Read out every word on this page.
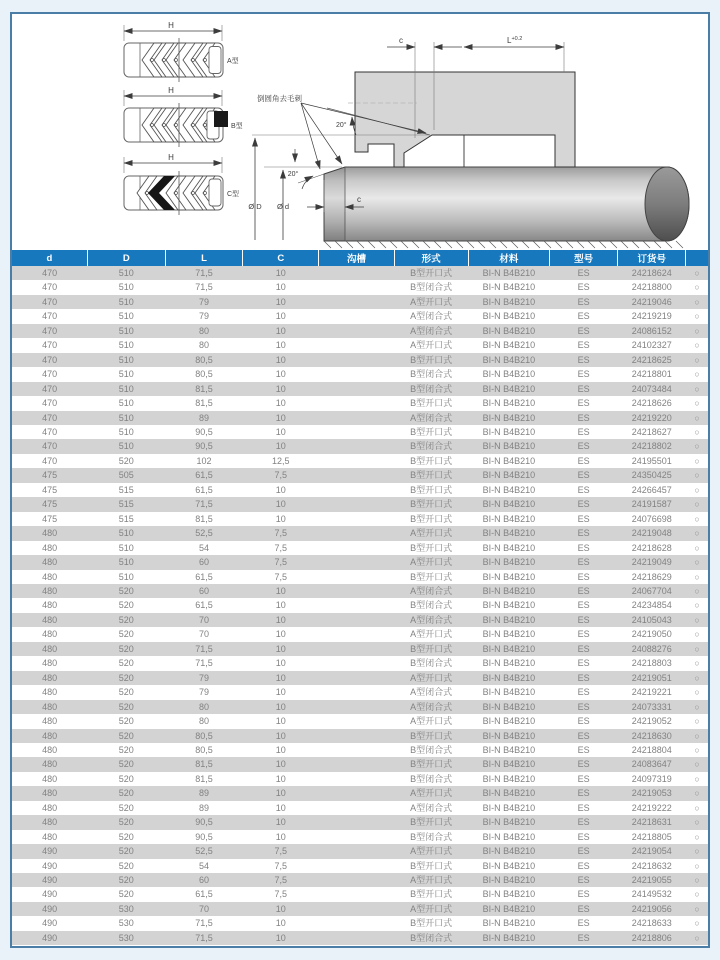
H
A型
H
B型
H
C型
c	$L^{+0.2}$
20°
倒圆角去毛刺
20°
Ø D Ø d
c
d	D	L	C	沟槽	形式	材料	型号	订货号	
470	510	71,5	10		B型开口式	BI-N B4B210	ES	24218624	○
470	510	71,5	10		B型闭合式	BI-N B4B210	ES	24218800	○
470	510	79	10		A型开口式	BI-N B4B210	ES	24219046	○
470	510	79	10		A型闭合式	BI-N B4B210	ES	24219219	○
470	510	80	10		A型闭合式	BI-N B4B210	ES	24086152	○
470	510	80	10		A型开口式	BI-N B4B210	ES	24102327	○
470	510	80,5	10		B型开口式	BI-N B4B210	ES	24218625	○
470	510	80,5	10		B型闭合式	BI-N B4B210	ES	24218801	○
470	510	81,5	10		B型闭合式	BI-N B4B210	ES	24073484	○
470	510	81,5	10		B型开口式	BI-N B4B210	ES	24218626	○
470	510	89	10		A型闭合式	BI-N B4B210	ES	24219220	○
470	510	90,5	10		B型开口式	BI-N B4B210	ES	24218627	○
470	510	90,5	10		B型闭合式	BI-N B4B210	ES	24218802	○
470	520	102	12,5		B型开口式	BI-N B4B210	ES	24195501	○
475	505	61,5	7,5		B型开口式	BI-N B4B210	ES	24350425	○
475	515	61,5	10		B型开口式	BI-N B4B210	ES	24266457	○
475	515	71,5	10		B型开口式	BI-N B4B210	ES	24191587	○
475	515	81,5	10		B型开口式	BI-N B4B210	ES	24076698	○
480	510	52,5	7,5		A型开口式	BI-N B4B210	ES	24219048	○
480	510	54	7,5		B型开口式	BI-N B4B210	ES	24218628	○
480	510	60	7,5		A型开口式	BI-N B4B210	ES	24219049	○
480	510	61,5	7,5		B型开口式	BI-N B4B210	ES	24218629	○
480	520	60	10		A型闭合式	BI-N B4B210	ES	24067704	○
480	520	61,5	10		B型闭合式	BI-N B4B210	ES	24234854	○
480	520	70	10		A型闭合式	BI-N B4B210	ES	24105043	○
480	520	70	10		A型开口式	BI-N B4B210	ES	24219050	○
480	520	71,5	10		B型开口式	BI-N B4B210	ES	24088276	○
480	520	71,5	10		B型闭合式	BI-N B4B210	ES	24218803	○
480	520	79	10		A型开口式	BI-N B4B210	ES	24219051	○
480	520	79	10		A型闭合式	BI-N B4B210	ES	24219221	○
480	520	80	10		A型闭合式	BI-N B4B210	ES	24073331	○
480	520	80	10		A型开口式	BI-N B4B210	ES	24219052	○
480	520	80,5	10		B型开口式	BI-N B4B210	ES	24218630	○
480	520	80,5	10		B型闭合式	BI-N B4B210	ES	24218804	○
480	520	81,5	10		B型开口式	BI-N B4B210	ES	24083647	○
480	520	81,5	10		B型闭合式	BI-N B4B210	ES	24097319	○
480	520	89	10		A型开口式	BI-N B4B210	ES	24219053	○
480	520	89	10		A型闭合式	BI-N B4B210	ES	24219222	○
480	520	90,5	10		B型开口式	BI-N B4B210	ES	24218631	○
480	520	90,5	10		B型闭合式	BI-N B4B210	ES	24218805	○
490	520	52,5	7,5		A型开口式	BI-N B4B210	ES	24219054	○
490	520	54	7,5		B型开口式	BI-N B4B210	ES	24218632	○
490	520	60	7,5		A型开口式	BI-N B4B210	ES	24219055	○
490	520	61,5	7,5		B型开口式	BI-N B4B210	ES	24149532	○
490	530	70	10		A型开口式	BI-N B4B210	ES	24219056	○
490	530	71,5	10		B型开口式	BI-N B4B210	ES	24218633	○
490	530	71,5	10		B型闭合式	BI-N B4B210	ES	24218806	○
